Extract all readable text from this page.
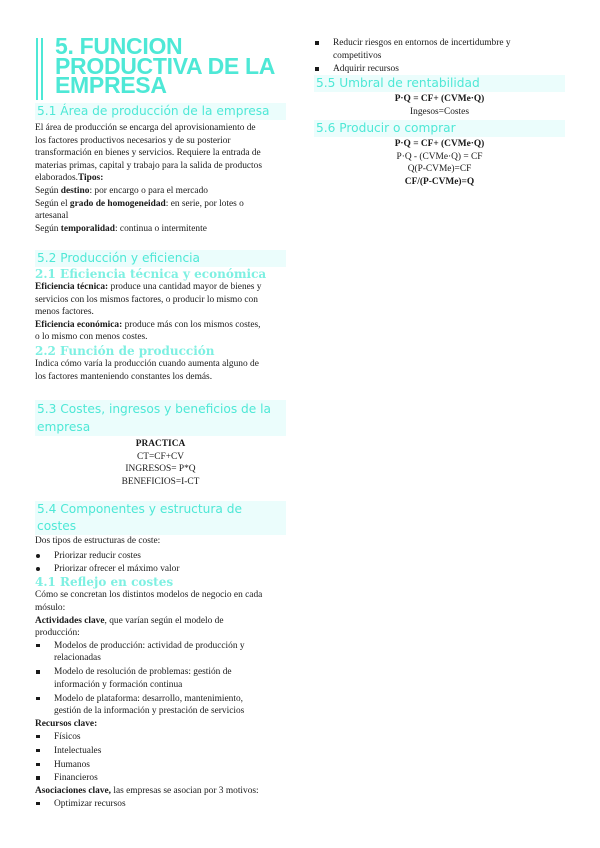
5. FUNCION
PRODUCTIVA DE LA
EMPRESA
5.1 Área de producción de la empresa

El área de producción se encarga del aprovisionamiento de

los factores productivos necesarios y de su posterior

transformación en bienes y servicios. Requiere la entrada de

materias primas, capital y trabajo para la salida de productos

elaborados.Tipos:

Según destino: por encargo o para el mercado

Según el grado de homogeneidad: en serie, por lotes o

artesanal

Según temporalidad: continua o intermitente

5.2 Producción y eficiencia
2.1 Eficiencia técnica y económica

Eficiencia técnica: produce una cantidad mayor de bienes y

servicios con los mismos factores, o producir lo mismo con

menos factores.

Eficiencia económica: produce más con los mismos costes,

o lo mismo con menos costes.

2.2 Función de producción

Indica cómo varía la producción cuando aumenta alguno de

los factores manteniendo constantes los demás.

5.3 Costes, ingresos y beneficios de la
empresa

PRACTICA

CT=CF+CV

INGRESOS= P*Q

BENEFICIOS=I-CT

5.4 Componentes y estructura de costes

Dos tipos de estructuras de coste:

Priorizar reducir costes
Priorizar ofrecer el máximo valor
4.1 Reflejo en costes

Cómo se concretan los distintos modelos de negocio en cada

mósulo:

Actividades clave, que varían según el modelo de

producción:

Modelos de producción: actividad de producción y
relacionadas
Modelo de resolución de problemas: gestión de
información y formación continua
Modelo de plataforma: desarrollo, mantenimiento,
gestión de la información y prestación de servicios

Recursos clave:

Físicos
Intelectuales
Humanos
Financieros

Asociaciones clave, las empresas se asocian por 3 motivos:

Optimizar recursos
Reducir riesgos en entornos de incertidumbre y
competitivos
Adquirir recursos
5.5 Umbral de rentabilidad

P·Q = CF+ (CVMe·Q)

Ingesos=Costes

5.6 Producir o comprar

P·Q = CF+ (CVMe·Q)

P·Q - (CVMe·Q) = CF

Q(P-CVMe)=CF

CF/(P-CVMe)=Q
